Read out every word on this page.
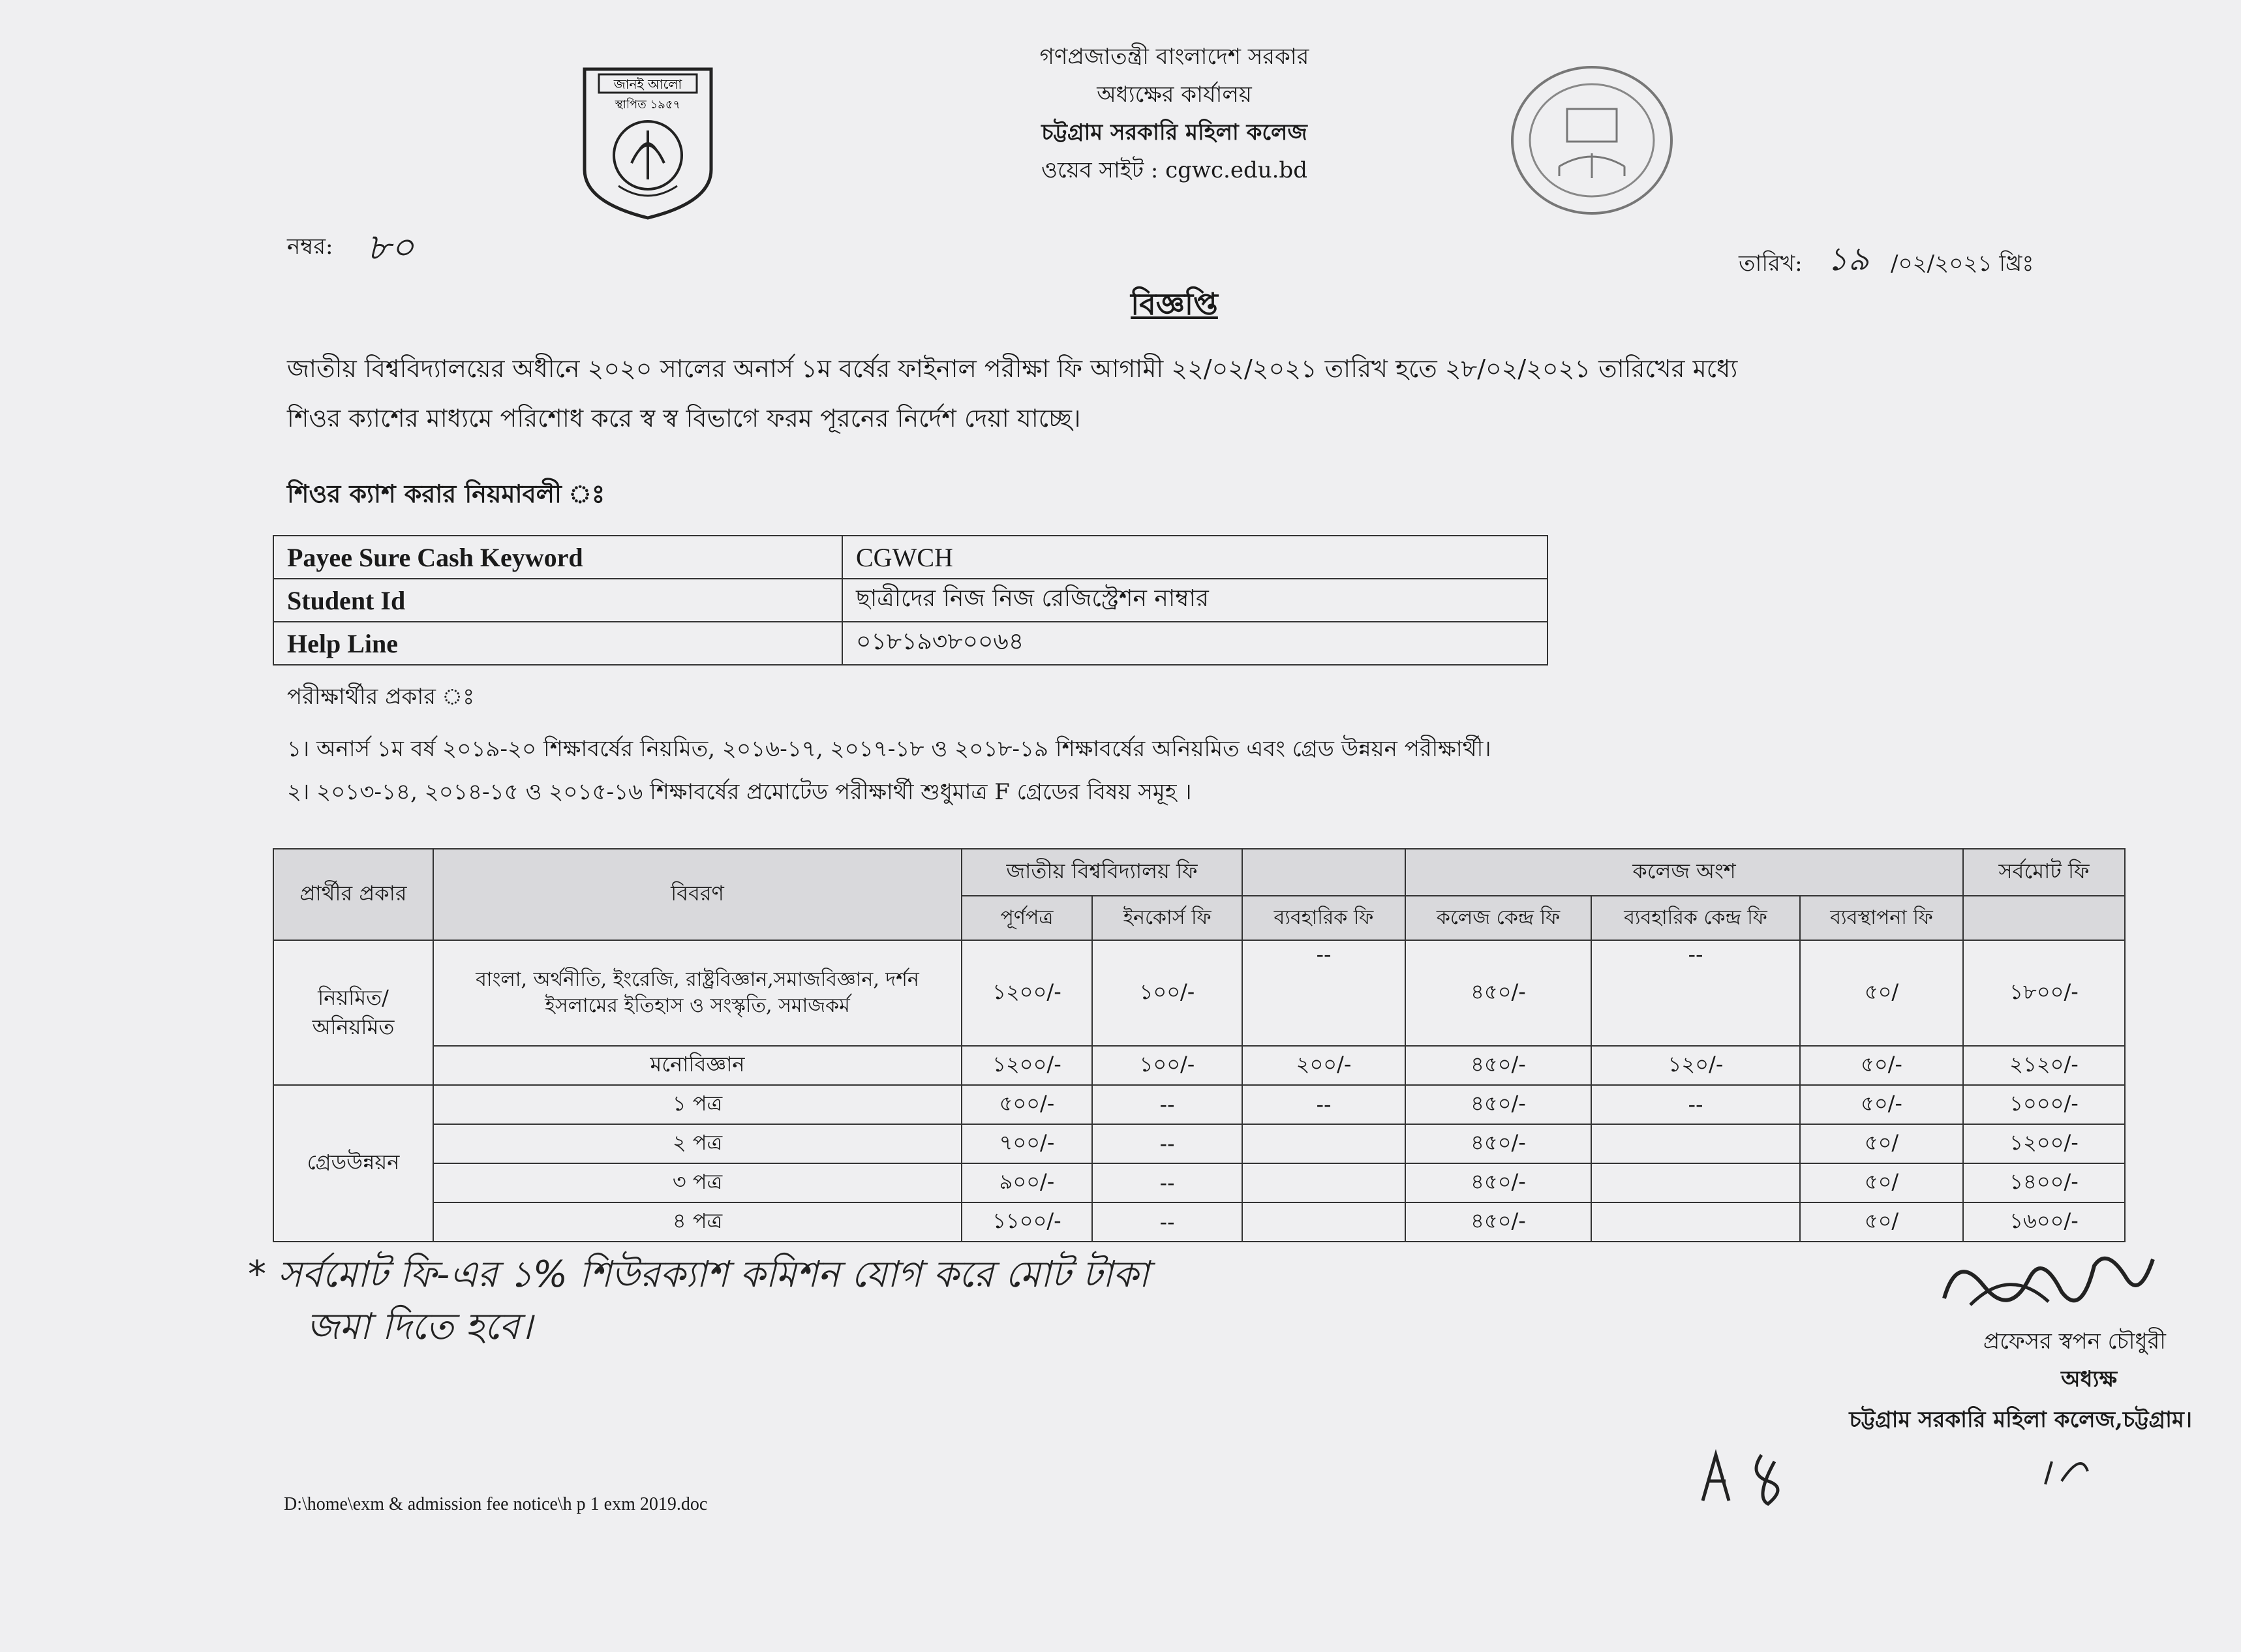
জানই আলো
স্থাপিত ১৯৫৭
গণপ্রজাতন্ত্রী বাংলাদেশ সরকার
অধ্যক্ষের কার্যালয়
চট্টগ্রাম সরকারি মহিলা কলেজ
ওয়েব সাইট : cgwc.edu.bd
নম্বর: ৮০	তারিখ: ১৯ /০২/২০২১ খ্রিঃ
বিজ্ঞপ্তি
জাতীয় বিশ্ববিদ্যালয়ের অধীনে ২০২০ সালের অনার্স ১ম বর্ষের ফাইনাল পরীক্ষা ফি আগামী ২২/০২/২০২১ তারিখ হতে ২৮/০২/২০২১ তারিখের মধ্যে
শিওর ক্যাশের মাধ্যমে পরিশোধ করে স্ব স্ব বিভাগে ফরম পূরনের নির্দেশ দেয়া যাচ্ছে।
শিওর ক্যাশ করার নিয়মাবলী ঃ
Payee Sure Cash Keyword	CGWCH
Student Id	ছাত্রীদের নিজ নিজ রেজিস্ট্রেশন নাম্বার
Help Line	০১৮১৯৩৮০০৬৪
পরীক্ষার্থীর প্রকার ঃ
১। অনার্স ১ম বর্ষ ২০১৯-২০ শিক্ষাবর্ষের নিয়মিত, ২০১৬-১৭, ২০১৭-১৮ ও ২০১৮-১৯ শিক্ষাবর্ষের অনিয়মিত এবং গ্রেড উন্নয়ন পরীক্ষার্থী।
২। ২০১৩-১৪, ২০১৪-১৫ ও ২০১৫-১৬ শিক্ষাবর্ষের প্রমোটেড পরীক্ষার্থী শুধুমাত্র F গ্রেডের বিষয় সমূহ ।
প্রার্থীর প্রকার	বিবরণ	জাতীয় বিশ্ববিদ্যালয় ফি			কলেজ অংশ			সর্বমোট ফি
		পূর্ণপত্র	ইনকোর্স ফি	ব্যবহারিক ফি	কলেজ কেন্দ্র ফি	ব্যবহারিক কেন্দ্র ফি	ব্যবস্থাপনা ফি	
নিয়মিত/ অনিয়মিত	বাংলা, অর্থনীতি, ইংরেজি, রাষ্ট্রবিজ্ঞান,সমাজবিজ্ঞান, দর্শন ইসলামের ইতিহাস ও সংস্কৃতি, সমাজকর্ম	১২০০/-	১০০/-	--	৪৫০/-	--	৫০/	১৮০০/-
	মনোবিজ্ঞান	১২০০/-	১০০/-	২০০/-	৪৫০/-	১২০/-	৫০/-	২১২০/-
গ্রেডউন্নয়ন	১ পত্র	৫০০/-	--	--	৪৫০/-	--	৫০/-	১০০০/-
	২ পত্র	৭০০/-	--		৪৫০/-		৫০/	১২০০/-
	৩ পত্র	৯০০/-	--		৪৫০/-		৫০/	১৪০০/-
	৪ পত্র	১১০০/-	--		৪৫০/-		৫০/	১৬০০/-
* সর্বমোট ফি-এর ১% শিউরক্যাশ কমিশন যোগ করে মোট টাকা
জমা দিতে হবে।	প্রফেসর স্বপন চৌধুরী
অধ্যক্ষ
চট্টগ্রাম সরকারি মহিলা কলেজ,চট্টগ্রাম।
D:\home\exm & admission fee notice\h p 1 exm 2019.doc
